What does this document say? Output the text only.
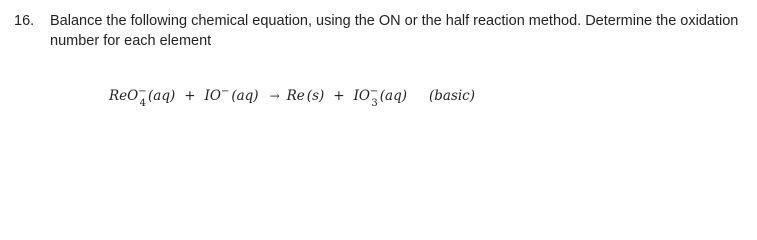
16. Balance the following chemical equation, using the ON or the half reaction method. Determine the oxidation number for each element
ReO−$_4$ (aq) + IO− (aq) → Re $(s) + IO^-_3$ (aq) (basic)
